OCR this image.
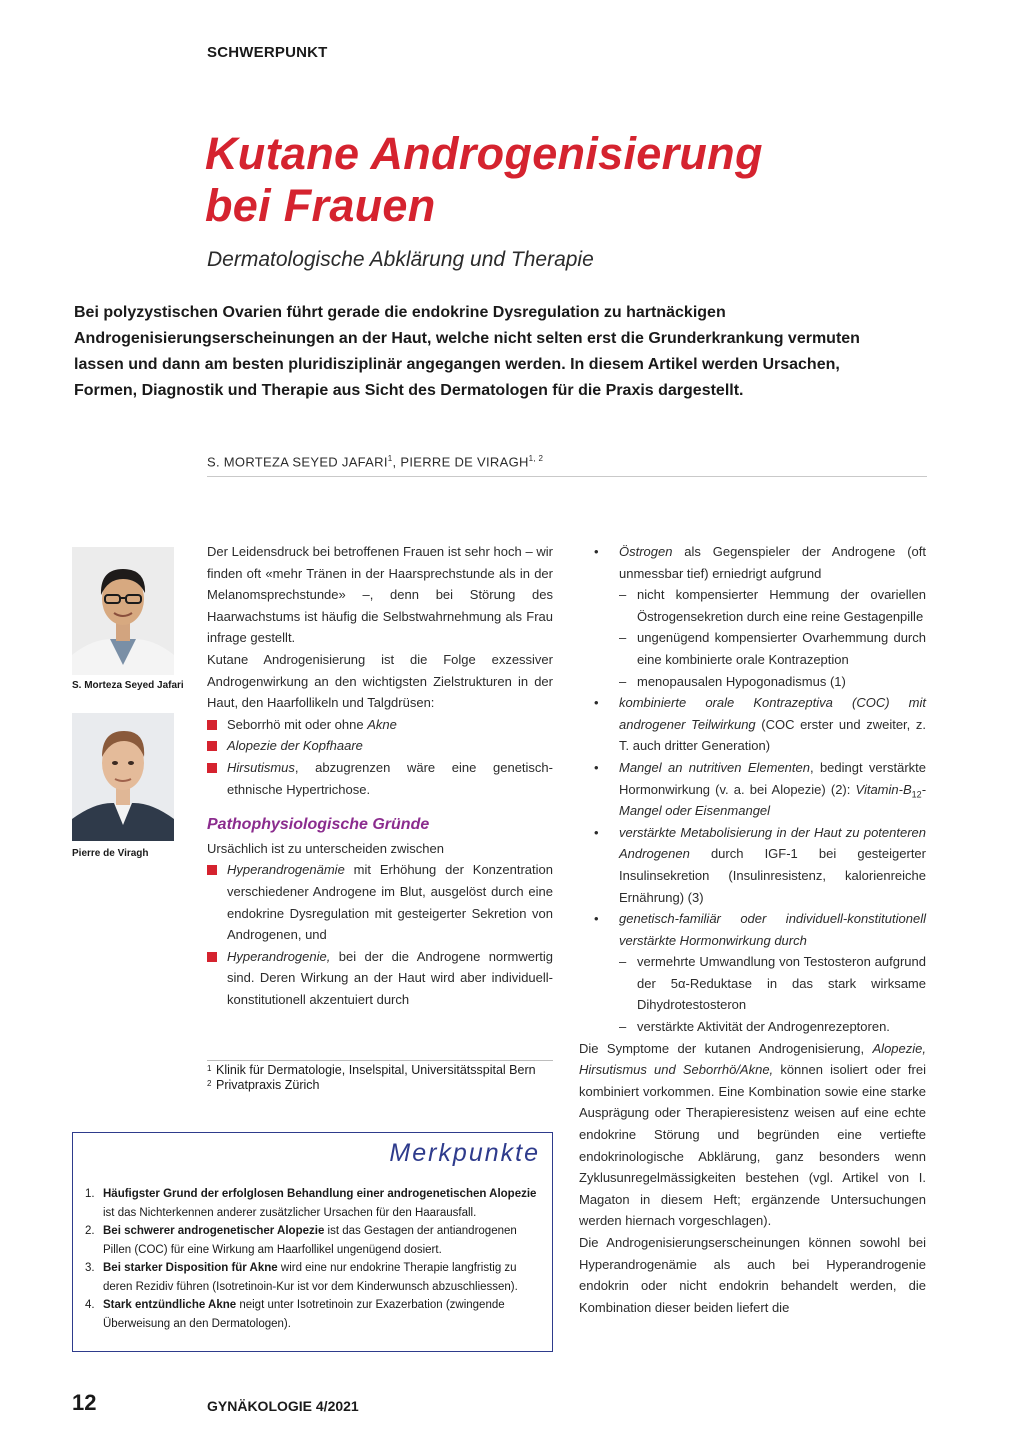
SCHWERPUNKT
Kutane Androgenisierung
bei Frauen
Dermatologische Abklärung und Therapie

Bei polyzystischen Ovarien führt gerade die endokrine Dysregulation zu hartnäckigen Androgenisierungserscheinungen an der Haut, welche nicht selten erst die Grunderkrankung vermuten lassen und dann am besten pluridisziplinär angegangen werden. In diesem Artikel werden Ursachen, Formen, Diagnostik und Therapie aus Sicht des Dermatologen für die Praxis dargestellt.

S. MORTEZA SEYED JAFARI$^1$, PIERRE DE VIRAGH$^{1, 2}$
S. Morteza Seyed Jafari
Pierre de Viragh

Der Leidensdruck bei betroffenen Frauen ist sehr hoch – wir finden oft «mehr Tränen in der Haarsprechstunde als in der Melanomsprechstunde» –, denn bei Störung des Haarwachstums ist häufig die Selbstwahrnehmung als Frau infrage gestellt.

Kutane Androgenisierung ist die Folge exzessiver Androgenwirkung an den wichtigsten Zielstrukturen in der Haut, den Haarfollikeln und Talgdrüsen:

Seborrhö mit oder ohne Akne
Alopezie der Kopfhaare
Hirsutismus, abzugrenzen wäre eine genetisch-ethnische Hypertrichose.

Pathophysiologische Gründe

Ursächlich ist zu unterscheiden zwischen

Hyperandrogenämie mit Erhöhung der Konzentration verschiedener Androgene im Blut, ausgelöst durch eine endokrine Dysregulation mit gesteigerter Sekretion von Androgenen, und
Hyperandrogenie, bei der die Androgene normwertig sind. Deren Wirkung an der Haut wird aber individuell-konstitutionell akzentuiert durch
1 Klinik für Dermatologie, Inselspital, Universitätsspital Bern
2 Privatpraxis Zürich
Merkpunkte
1. Häufigster Grund der erfolglosen Behandlung einer androgenetischen Alopezie ist das Nichterkennen anderer zusätzlicher Ursachen für den Haarausfall.
2. Bei schwerer androgenetischer Alopezie ist das Gestagen der antiandrogenen Pillen (COC) für eine Wirkung am Haarfollikel ungenügend dosiert.
3. Bei starker Disposition für Akne wird eine nur endokrine Therapie langfristig zu deren Rezidiv führen (Isotretinoin-Kur ist vor dem Kinderwunsch abzuschliessen).
4. Stark entzündliche Akne neigt unter Isotretinoin zur Exazerbation (zwingende Überweisung an den Dermatologen).
• Östrogen als Gegenspieler der Androgene (oft unmessbar tief) erniedrigt aufgrund
– nicht kompensierter Hemmung der ovariellen Östrogensekretion durch eine reine Gestagenpille
– ungenügend kompensierter Ovarhemmung durch eine kombinierte orale Kontrazeption
– menopausalen Hypogonadismus (1)
• kombinierte orale Kontrazeptiva (COC) mit androgener Teilwirkung (COC erster und zweiter, z. T. auch dritter Generation)
• Mangel an nutritiven Elementen, bedingt verstärkte Hormonwirkung (v. a. bei Alopezie) (2): Vitamin-$B_{12}$-Mangel oder Eisenmangel
• verstärkte Metabolisierung in der Haut zu potenteren Androgenen durch IGF-1 bei gesteigerter Insulinsekretion (Insulinresistenz, kalorienreiche Ernährung) (3)
• genetisch-familiär oder individuell-konstitutionell verstärkte Hormonwirkung durch
– vermehrte Umwandlung von Testosteron aufgrund der 5α-Reduktase in das stark wirksame Dihydrotestosteron
– verstärkte Aktivität der Androgenrezeptoren.

Die Symptome der kutanen Androgenisierung, Alopezie, Hirsutismus und Seborrhö/Akne, können isoliert oder frei kombiniert vorkommen. Eine Kombination sowie eine starke Ausprägung oder Therapieresistenz weisen auf eine echte endokrine Störung und begründen eine vertiefte endokrinologische Abklärung, ganz besonders wenn Zyklusunregelmässigkeiten bestehen (vgl. Artikel von I. Magaton in diesem Heft; ergänzende Untersuchungen werden hiernach vorgeschlagen).

Die Androgenisierungserscheinungen können sowohl bei Hyperandrogenämie als auch bei Hyperandrogenie endokrin oder nicht endokrin behandelt werden, die Kombination dieser beiden liefert die

12	GYNÄKOLOGIE 4/2021
